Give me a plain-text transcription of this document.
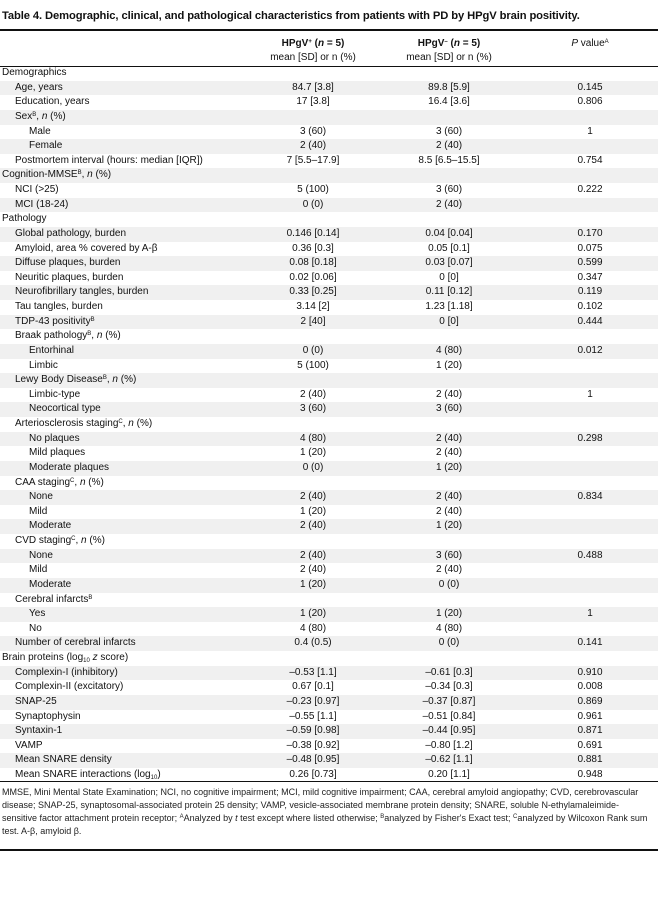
Table 4. Demographic, clinical, and pathological characteristics from patients with PD by HPgV brain positivity.
HPgV+ (n = 5)
mean [SD] or n (%)
HPgV– (n = 5)
mean [SD] or n (%)
P value$^A$
Demographics
Age, years	84.7 [3.8]	89.8 [5.9]	0.145
Education, years	17 [3.8]	16.4 [3.6]	0.806
Sex$^B$, n (%)
Male	3 (60)	3 (60)	1
Female	2 (40)	2 (40)
Postmortem interval (hours: median [IQR])	7 [5.5–17.9]	8.5 [6.5–15.5]	0.754
Cognition-$MMSE^B$, n (%)
NCI (>25)	5 (100)	3 (60)	0.222
MCI (18-24)	0 (0)	2 (40)
Pathology
Global pathology, burden	0.146 [0.14]	0.04 [0.04]	0.170
Amyloid, area % covered by A-β	0.36 [0.3]	0.05 [0.1]	0.075
Diffuse plaques, burden	0.08 [0.18]	0.03 [0.07]	0.599
Neuritic plaques, burden	0.02 [0.06]	0 [0]	0.347
Neurofibrillary tangles, burden	0.33 [0.25]	0.11 [0.12]	0.119
Tau tangles, burden	3.14 [2]	1.23 [1.18]	0.102
TDP-43 positivity$^B$	2 [40]	0 [0]	0.444
Braak pathology$^B$, n (%)
Entorhinal	0 (0)	4 (80)	0.012
Limbic	5 (100)	1 (20)
Lewy Body Disease$^B$, n (%)
Limbic-type	2 (40)	2 (40)	1
Neocortical type	3 (60)	3 (60)
Arteriosclerosis staging$^C$, n (%)
No plaques	4 (80)	2 (40)	0.298
Mild plaques	1 (20)	2 (40)
Moderate plaques	0 (0)	1 (20)
CAA staging$^C$, n (%)
None	2 (40)	2 (40)	0.834
Mild	1 (20)	2 (40)
Moderate	2 (40)	1 (20)
CVD staging$^C$, n (%)
None	2 (40)	3 (60)	0.488
Mild	2 (40)	2 (40)
Moderate	1 (20)	0 (0)
Cerebral infarcts$^B$
Yes	1 (20)	1 (20)	1
No	4 (80)	4 (80)
Number of cerebral infarcts	0.4 (0.5)	0 (0)	0.141
Brain proteins ($\log_{10}$ z score)
Complexin-I (inhibitory)	–0.53 [1.1]	–0.61 [0.3]	0.910
Complexin-II (excitatory)	0.67 [0.1]	–0.34 [0.3]	0.008
SNAP-25	–0.23 [0.97]	–0.37 [0.87]	0.869
Synaptophysin	–0.55 [1.1]	–0.51 [0.84]	0.961
Syntaxin-1	–0.59 [0.98]	–0.44 [0.95]	0.871
VAMP	–0.38 [0.92]	–0.80 [1.2]	0.691
Mean SNARE density	–0.48 [0.95]	–0.62 [1.1]	0.881
Mean SNARE interactions $(\log_{10})$	0.26 [0.73]	0.20 [1.1]	0.948
MMSE, Mini Mental State Examination; NCI, no cognitive impairment; MCI, mild cognitive impairment; CAA, cerebral amyloid angiopathy; CVD, cerebrovascular disease; SNAP-25, synaptosomal-associated protein 25 density; VAMP, vesicle-associated membrane protein density; SNARE, soluble N-ethylamaleimide-sensitive factor attachment protein receptor; $^A$Analyzed by t test except where listed otherwise; $^B$analyzed by Fisher's Exact test; $^C$analyzed by Wilcoxon Rank sum test. A-β, amyloid β.
